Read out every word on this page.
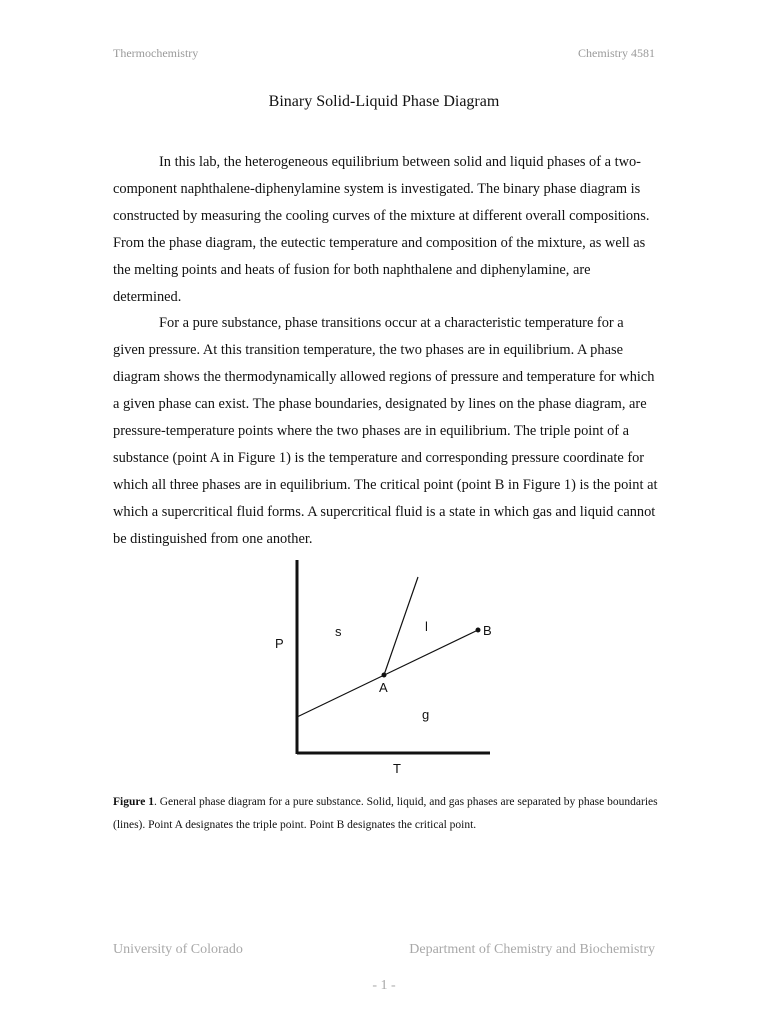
Thermochemistry	Chemistry 4581
Binary Solid-Liquid Phase Diagram

In this lab, the heterogeneous equilibrium between solid and liquid phases of a two-component naphthalene-diphenylamine system is investigated. The binary phase diagram is constructed by measuring the cooling curves of the mixture at different overall compositions. From the phase diagram, the eutectic temperature and composition of the mixture, as well as the melting points and heats of fusion for both naphthalene and diphenylamine, are determined.

For a pure substance, phase transitions occur at a characteristic temperature for a given pressure. At this transition temperature, the two phases are in equilibrium. A phase diagram shows the thermodynamically allowed regions of pressure and temperature for which a given phase can exist. The phase boundaries, designated by lines on the phase diagram, are pressure-temperature points where the two phases are in equilibrium. The triple point of a substance (point A in Figure 1) is the temperature and corresponding pressure coordinate for which all three phases are in equilibrium. The critical point (point B in Figure 1) is the point at which a supercritical fluid forms. A supercritical fluid is a state in which gas and liquid cannot be distinguished from one another.

P
T
s	l
g
A
B
Figure 1. General phase diagram for a pure substance. Solid, liquid, and gas phases are separated by phase boundaries (lines). Point A designates the triple point. Point B designates the critical point.
University of Colorado	Department of Chemistry and Biochemistry
- 1 -
